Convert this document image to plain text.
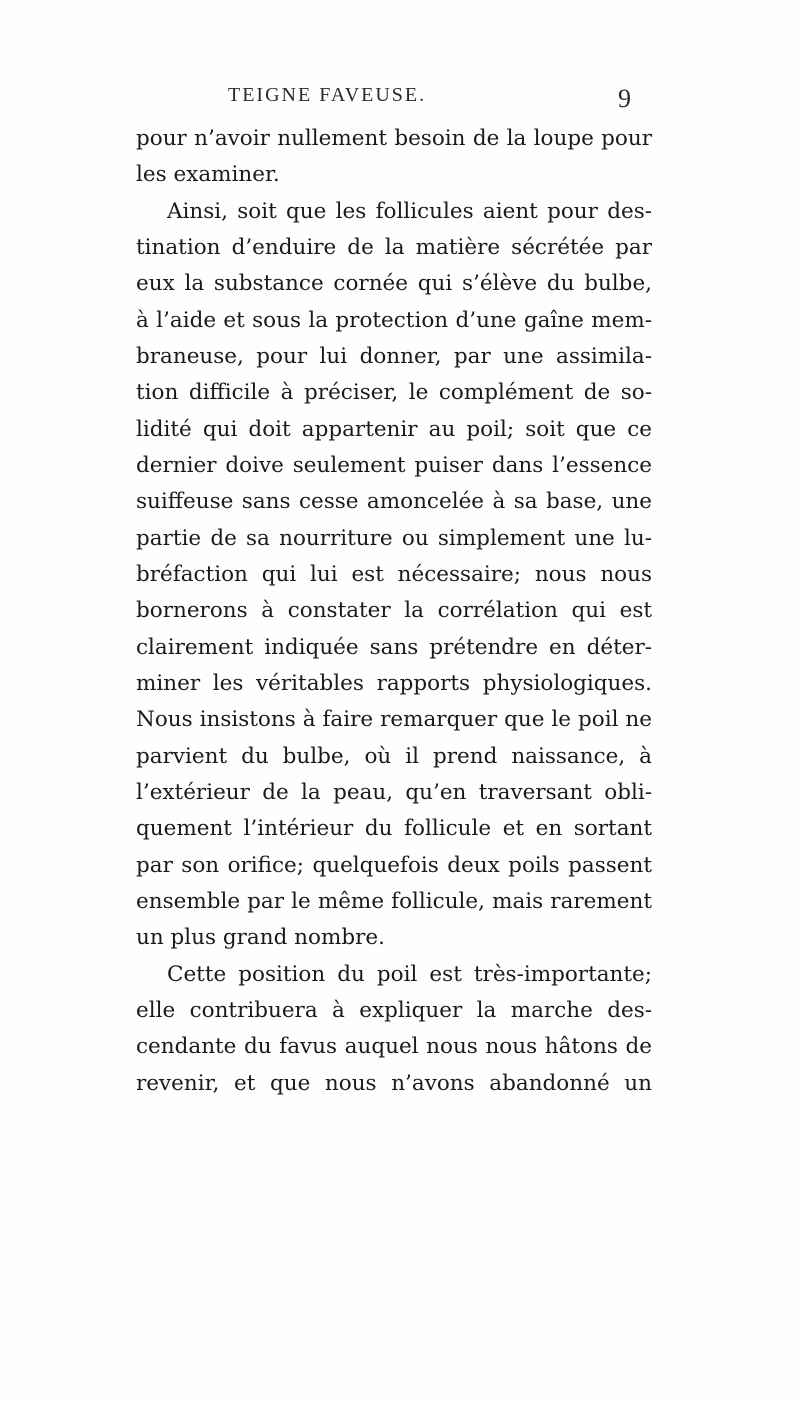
TEIGNE FAVEUSE.	9
pour n’avoir nullement besoin de la loupe pour
les examiner.
Ainsi, soit que les follicules aient pour des-
tination d’enduire de la matière sécrétée par
eux la substance cornée qui s’élève du bulbe,
à l’aide et sous la protection d’une gaîne mem-
braneuse, pour lui donner, par une assimila-
tion difficile à préciser, le complément de so-
lidité qui doit appartenir au poil; soit que ce
dernier doive seulement puiser dans l’essence
suiffeuse sans cesse amoncelée à sa base, une
partie de sa nourriture ou simplement une lu-
bréfaction qui lui est nécessaire; nous nous
bornerons à constater la corrélation qui est
clairement indiquée sans prétendre en déter-
miner les véritables rapports physiologiques.
Nous insistons à faire remarquer que le poil ne
parvient du bulbe, où il prend naissance, à
l’extérieur de la peau, qu’en traversant obli-
quement l’intérieur du follicule et en sortant
par son orifice; quelquefois deux poils passent
ensemble par le même follicule, mais rarement
un plus grand nombre.
Cette position du poil est très-importante;
elle contribuera à expliquer la marche des-
cendante du favus auquel nous nous hâtons de
revenir, et que nous n’avons abandonné un
